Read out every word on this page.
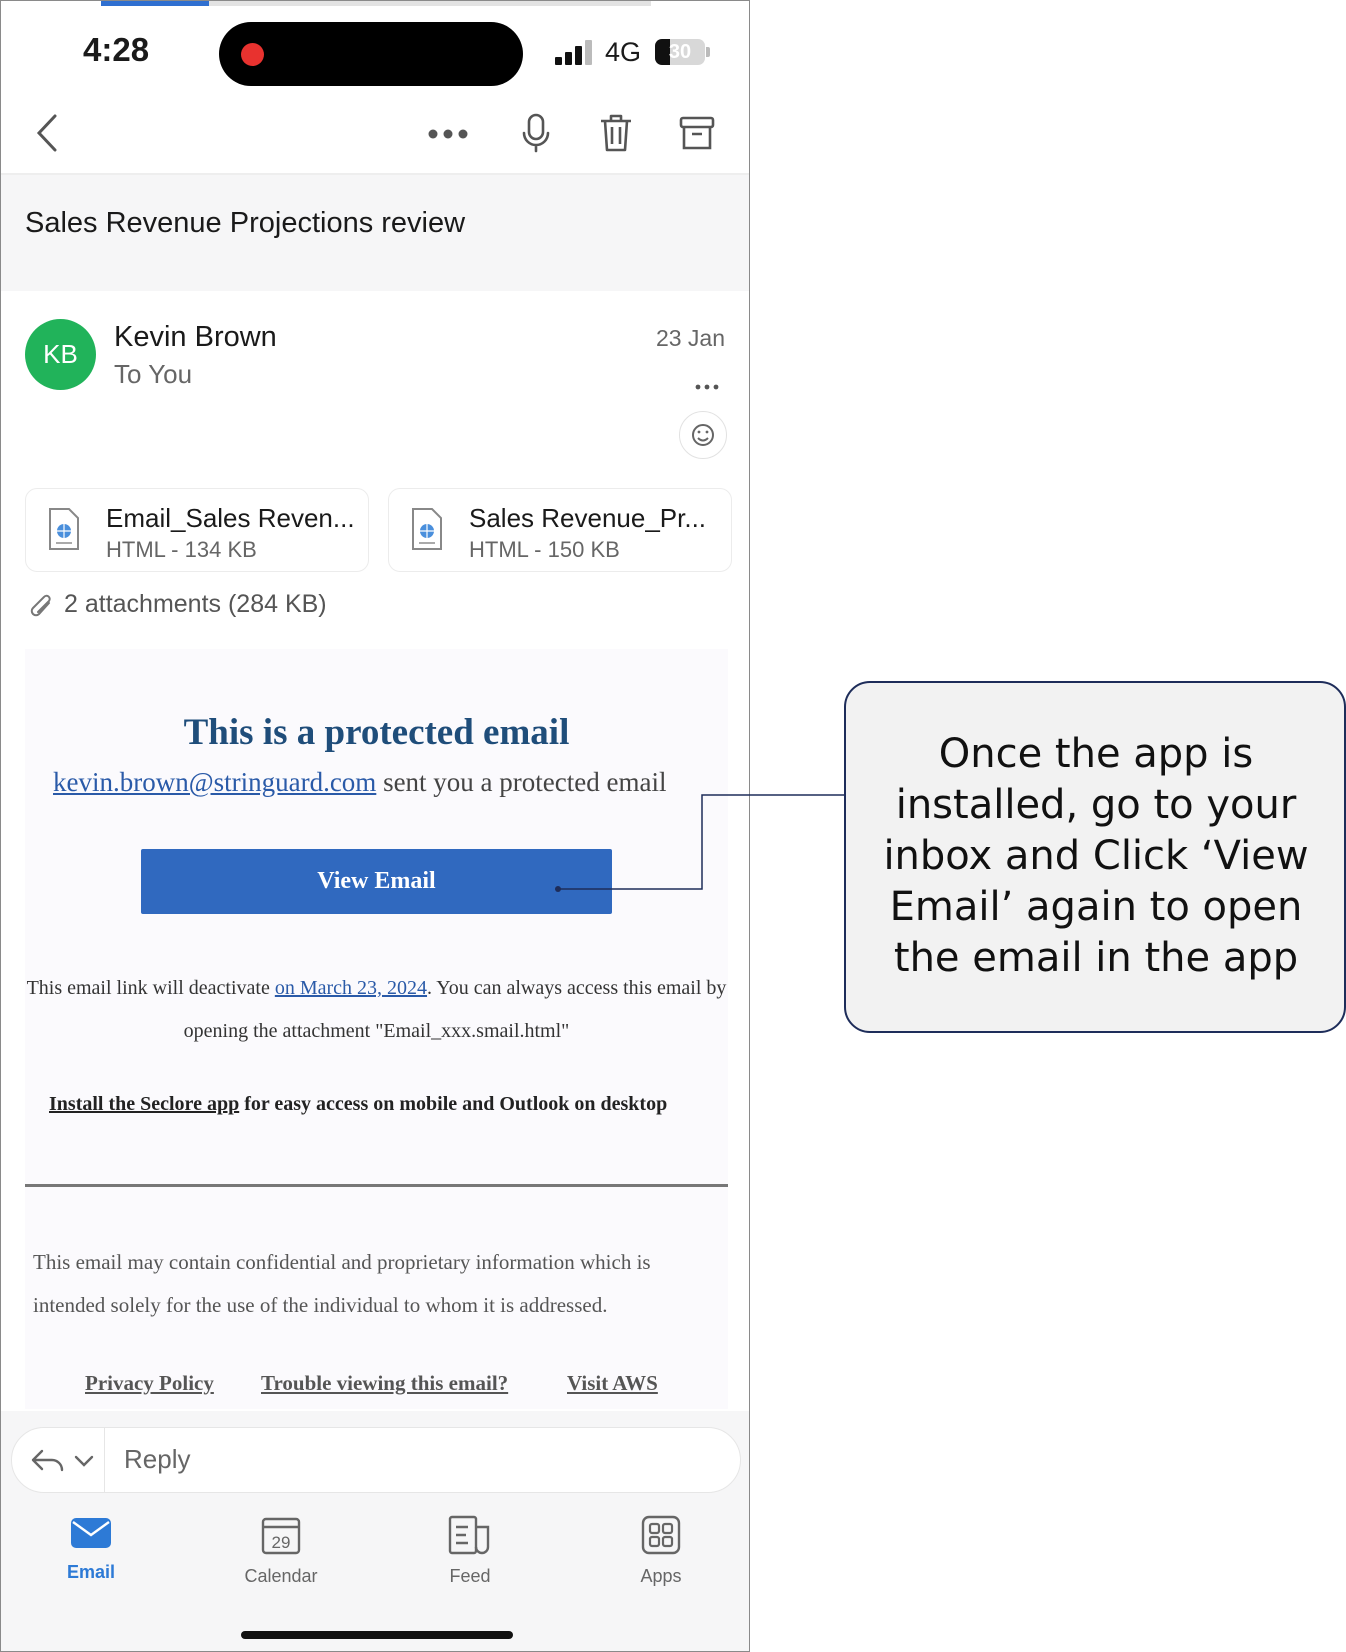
4:28	4G	30
Sales Revenue Projections review
KB
Kevin Brown
To You
23 Jan
Email_Sales Reven...
HTML - 134 KB
Sales Revenue_Pr...
HTML - 150 KB
2 attachments (284 KB)
This is a protected email
kevin.brown@stringuard.com sent you a protected email
View Email
This email link will deactivate on March 23, 2024. You can always access this email by opening the attachment "Email_xxx.smail.html"
Install the Seclore app for easy access on mobile and Outlook on desktop
This email may contain confidential and proprietary information which is intended solely for the use of the individual to whom it is addressed.
Privacy Policy Trouble viewing this email?	Visit AWS
Reply
Email
29
Calendar	Feed	Apps
Once the app is installed, go to your inbox and Click ‘View Email’ again to open the email in the app
